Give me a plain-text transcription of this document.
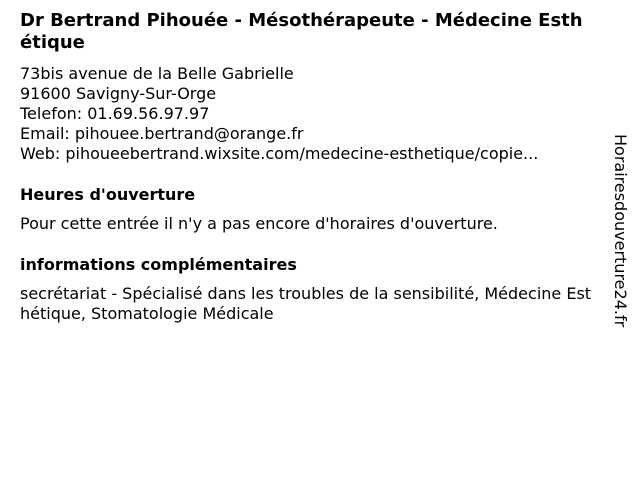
Dr Bertrand Pihouée - Mésothérapeute - Médecine Esthétique
73bis avenue de la Belle Gabrielle
91600 Savigny-Sur-Orge
Telefon: 01.69.56.97.97
Email: pihouee.bertrand@orange.fr
Web: pihoueebertrand.wixsite.com/medecine-esthetique/copie...
Heures d'ouverture
Pour cette entrée il n'y a pas encore d'horaires d'ouverture.
informations complémentaires
secrétariat - Spécialisé dans les troubles de la sensibilité, Médecine Esthétique, Stomatologie Médicale	Horairesdouverture24.fr
